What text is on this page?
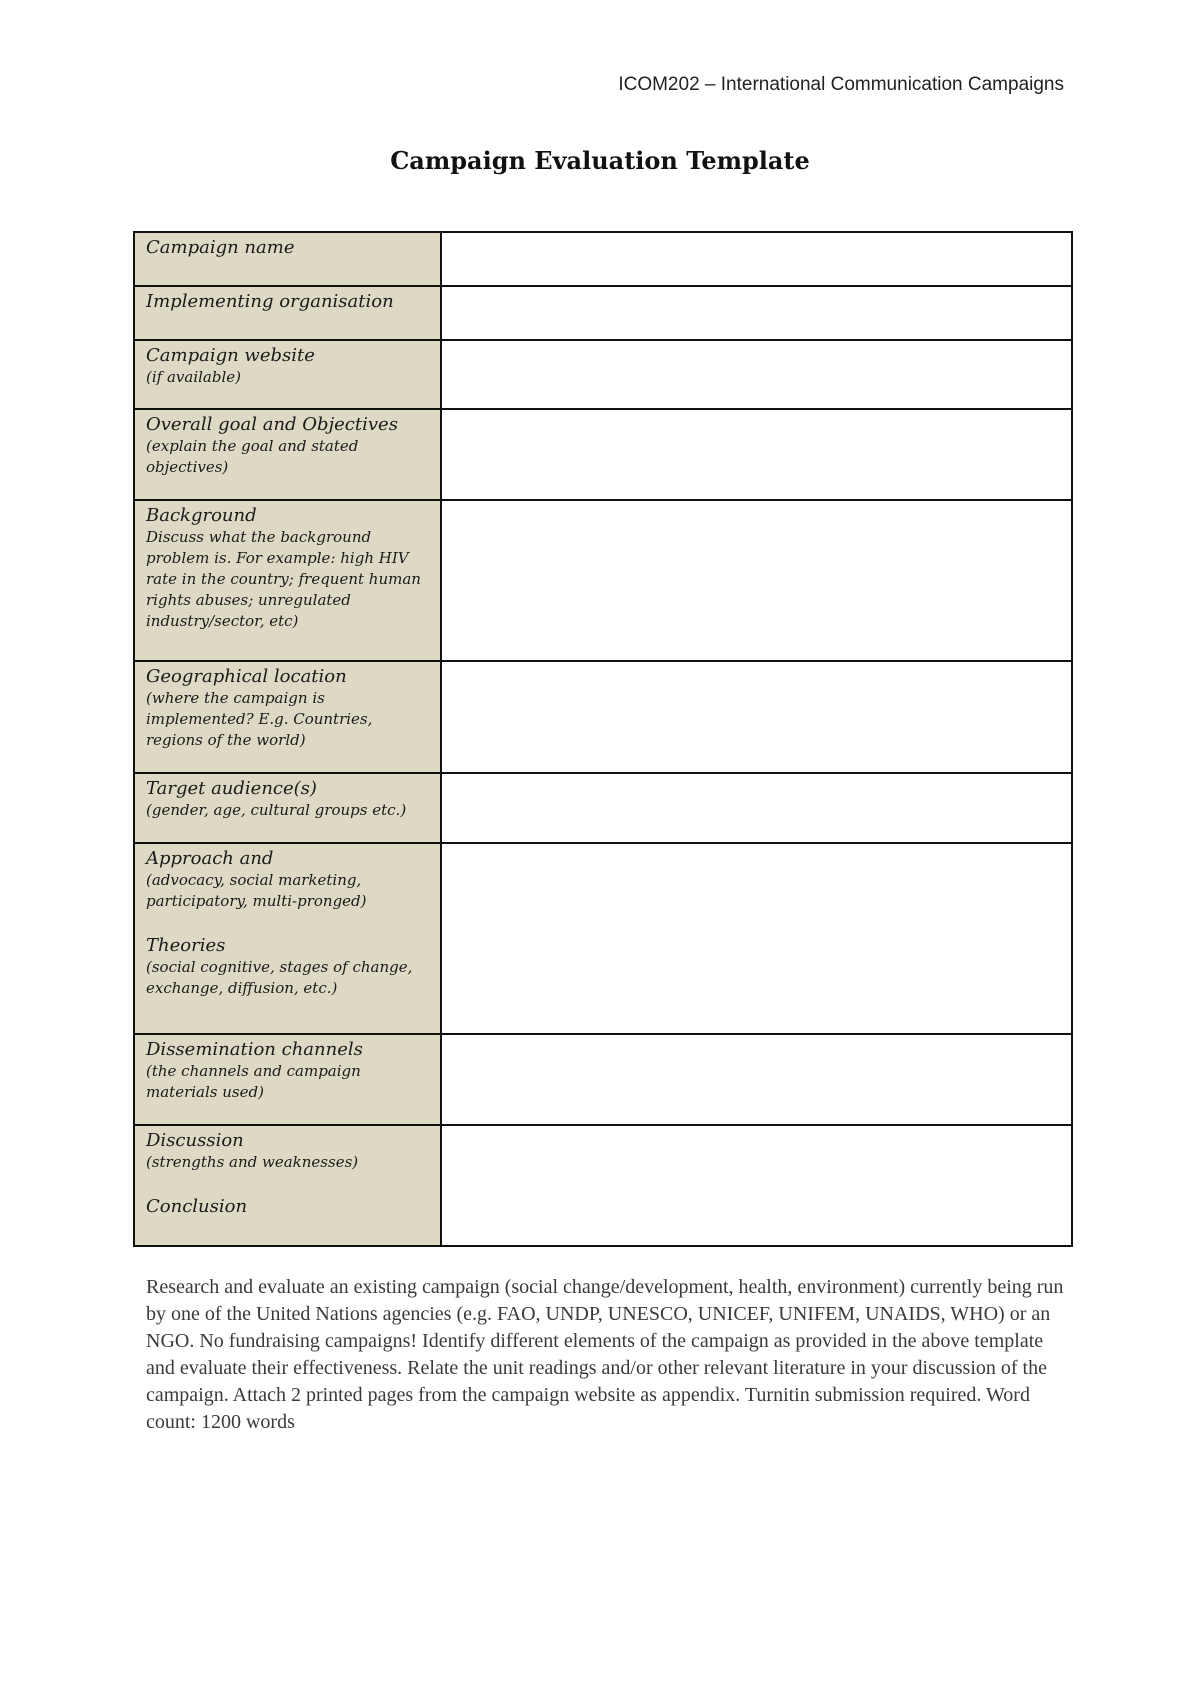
ICOM202 – International Communication Campaigns
Campaign Evaluation Template
Campaign name	

Implementing organisation	

Campaign website
(if available)	

Overall goal and Objectives
(explain the goal and stated objectives)	

Background
Discuss what the background problem is. For example: high HIV rate in the country; frequent human rights abuses; unregulated industry/sector, etc)	

Geographical location
(where the campaign is implemented? E.g. Countries, regions of the world)	

Target audience(s)
(gender, age, cultural groups etc.)	

Approach and
(advocacy, social marketing, participatory, multi-pronged)
Theories
(social cognitive, stages of change, exchange, diffusion, etc.)	

Dissemination channels
(the channels and campaign materials used)	

Discussion
(strengths and weaknesses)
Conclusion	

Research and evaluate an existing campaign (social change/development, health, environment) currently being run by one of the United Nations agencies (e.g. FAO, UNDP, UNESCO, UNICEF, UNIFEM, UNAIDS, WHO) or an NGO. No fundraising campaigns! Identify different elements of the campaign as provided in the above template and evaluate their effectiveness. Relate the unit readings and/or other relevant literature in your discussion of the campaign. Attach 2 printed pages from the campaign website as appendix. Turnitin submission required. Word count: 1200 words
